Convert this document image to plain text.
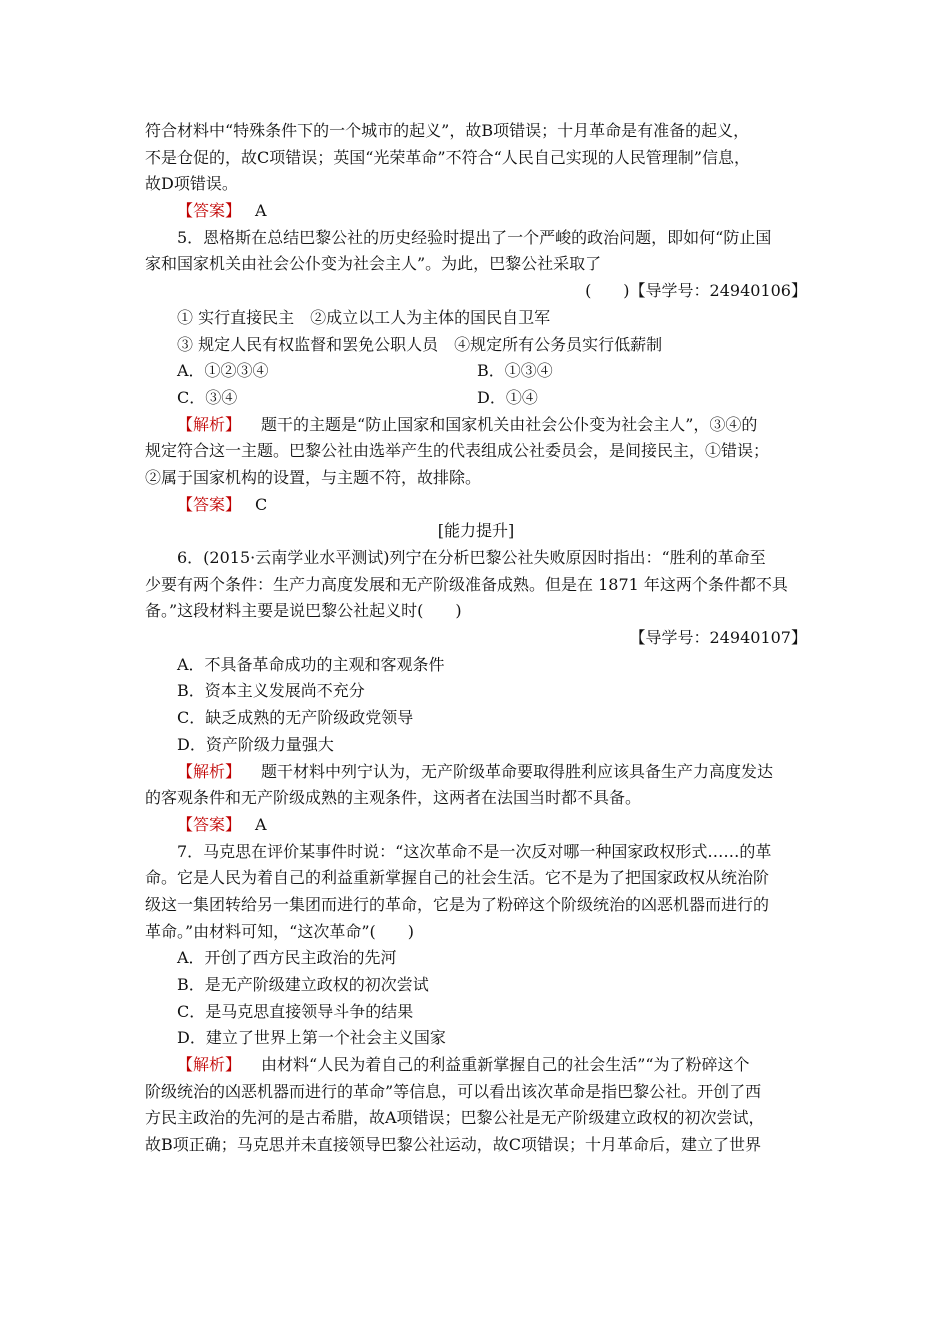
符合材料中“特殊条件下的一个城市的起义”，故B项错误；十月革命是有准备的起义，
不是仓促的，故C项错误；英国“光荣革命”不符合“人民自己实现的人民管理制”信息，
故D项错误。
【答案】 A
5．恩格斯在总结巴黎公社的历史经验时提出了一个严峻的政治问题，即如何“防止国
家和国家机关由社会公仆变为社会主人”。为此，巴黎公社采取了
(　　)【导学号：24940106】
① 实行直接民主　②成立以工人为主体的国民自卫军
③ 规定人民有权监督和罢免公职人员　④规定所有公务员实行低薪制
A．①②③④	B．①③④
C．③④	D．①④
【解析】 题干的主题是“防止国家和国家机关由社会公仆变为社会主人”，③④的
规定符合这一主题。巴黎公社由选举产生的代表组成公社委员会，是间接民主，①错误；
②属于国家机构的设置，与主题不符，故排除。
【答案】 C
[能力提升]
6．(2015·云南学业水平测试)列宁在分析巴黎公社失败原因时指出：“胜利的革命至
少要有两个条件：生产力高度发展和无产阶级准备成熟。但是在 1871 年这两个条件都不具
备。”这段材料主要是说巴黎公社起义时(　　)
【导学号：24940107】
A．不具备革命成功的主观和客观条件
B．资本主义发展尚不充分
C．缺乏成熟的无产阶级政党领导
D．资产阶级力量强大
【解析】 题干材料中列宁认为，无产阶级革命要取得胜利应该具备生产力高度发达
的客观条件和无产阶级成熟的主观条件，这两者在法国当时都不具备。
【答案】 A
7．马克思在评价某事件时说：“这次革命不是一次反对哪一种国家政权形式……的革
命。它是人民为着自己的利益重新掌握自己的社会生活。它不是为了把国家政权从统治阶
级这一集团转给另一集团而进行的革命，它是为了粉碎这个阶级统治的凶恶机器而进行的
革命。”由材料可知，“这次革命”(　　)
A．开创了西方民主政治的先河
B．是无产阶级建立政权的初次尝试
C．是马克思直接领导斗争的结果
D．建立了世界上第一个社会主义国家
【解析】 由材料“人民为着自己的利益重新掌握自己的社会生活”“为了粉碎这个
阶级统治的凶恶机器而进行的革命”等信息，可以看出该次革命是指巴黎公社。开创了西
方民主政治的先河的是古希腊，故A项错误；巴黎公社是无产阶级建立政权的初次尝试，
故B项正确；马克思并未直接领导巴黎公社运动，故C项错误；十月革命后，建立了世界
